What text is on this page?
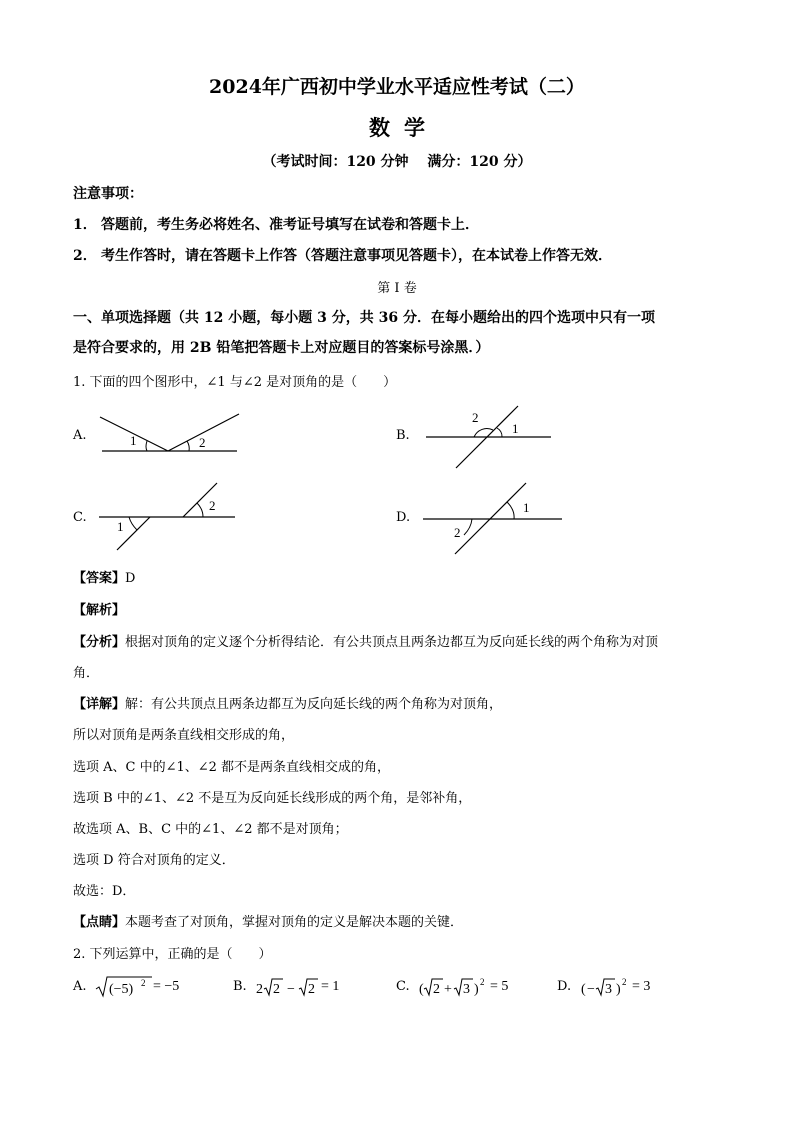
2024年广西初中学业水平适应性考试（二）
数学
（考试时间：120 分钟　 满分：120 分）
注意事项：
1． 答题前，考生务必将姓名、准考证号填写在试卷和答题卡上．
2． 考生作答时，请在答题卡上作答（答题注意事项见答题卡），在本试卷上作答无效．
第 I 卷
一、单项选择题（共 12 小题，每小题 3 分，共 36 分．在每小题给出的四个选项中只有一项
是符合要求的，用 2B 铅笔把答题卡上对应题目的答案标号涂黑．）
1. 下面的四个图形中，∠1 与∠2 是对顶角的是（　　）
A.	1	2	B.	1
2
C.
1
2
D.
1
2
【答案】D
【解析】
【分析】根据对顶角的定义逐个分析得结论．有公共顶点且两条边都互为反向延长线的两个角称为对顶
角．
【详解】解：有公共顶点且两条边都互为反向延长线的两个角称为对顶角，
所以对顶角是两条直线相交形成的角，
选项 A、C 中的∠1、∠2 都不是两条直线相交成的角，
选项 B 中的∠1、∠2 不是互为反向延长线形成的两个角，是邻补角，
故选项 A、B、C 中的∠1、∠2 都不是对顶角；
选项 D 符合对顶角的定义．
故选：D．
【点睛】本题考查了对顶角，掌握对顶角的定义是解决本题的关键．
2. 下列运算中，正确的是（　　）
A. (−5) 2 = −5	B. 2 2 − 2 = 1	C. ( 2 + 3 ) 2 = 5	D. ( − 3 ) 2 = 3
